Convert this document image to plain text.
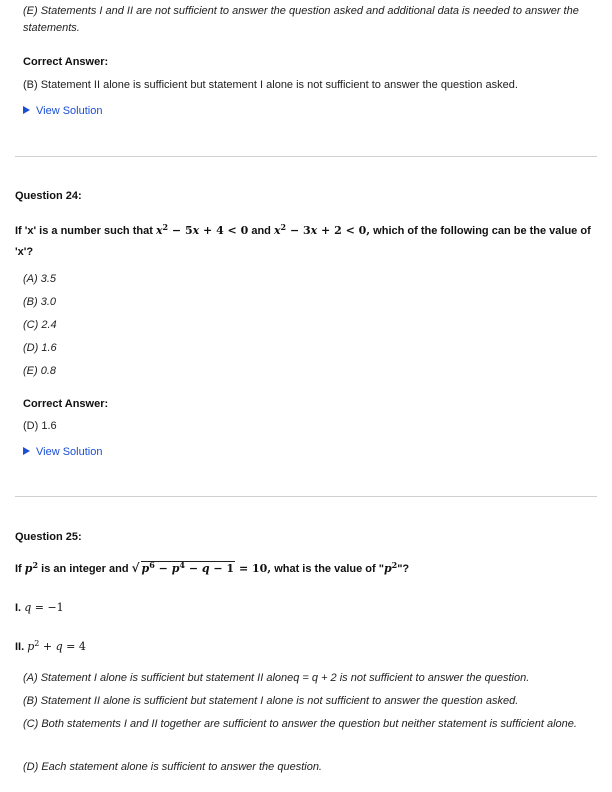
(E) Statements I and II are not sufficient to answer the question asked and additional data is needed to answer the statements.
Correct Answer:
(B) Statement II alone is sufficient but statement I alone is not sufficient to answer the question asked.
View Solution
Question 24:
If 'x' is a number such that $x^2 - 5x + 4 < 0$ and $x^2 - 3x + 2 < 0$, which of the following can be the value of 'x'?
(A) 3.5
(B) 3.0
(C) 2.4
(D) 1.6
(E) 0.8
Correct Answer:
(D) 1.6
View Solution
Question 25:
If $p^2$ is an integer and √ $p^6 - p^4 - q - 1 = 10$, what is the value of "$p^2$"?
I. q = −1
II. $p^2 + q = 4$
(A) Statement I alone is sufficient but statement II aloneq = q + 2 is not sufficient to answer the question.
(B) Statement II alone is sufficient but statement I alone is not sufficient to answer the question asked.
(C) Both statements I and II together are sufficient to answer the question but neither statement is sufficient alone.
(D) Each statement alone is sufficient to answer the question.
